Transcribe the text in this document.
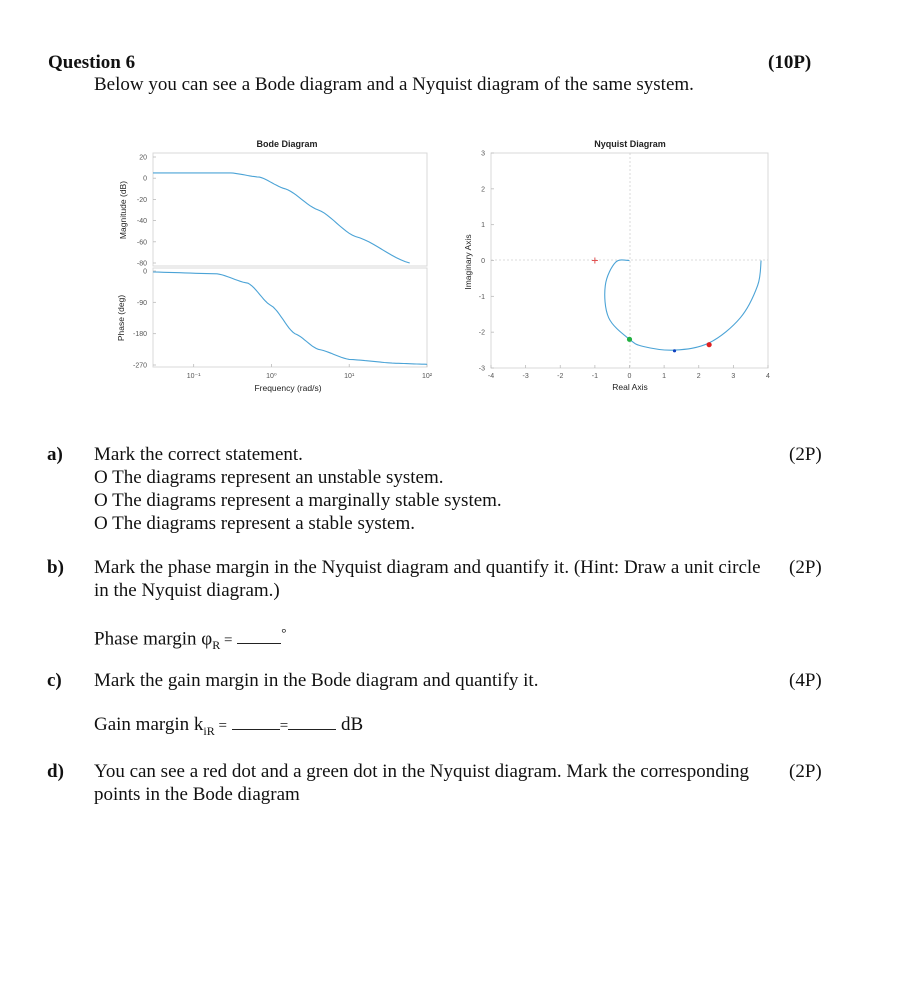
Question 6	(10P)
Below you can see a Bode diagram and a Nyquist diagram of the same system.
Bode Diagram
20
0
-20
-40
-60
-80
0
-90
-180
-270
10⁻¹	10⁰	10¹	10²
Magnitude (dB)
Phase (deg)
Frequency (rad/s)
Nyquist Diagram
-4	-3	-2	-1	0	1	2	3	4
3
2
1
0
-1
-2
-3
Imaginary Axis
Real Axis
a) Mark the correct statement.	(2P)
O The diagrams represent an unstable system.
O The diagrams represent a marginally stable system.
O The diagrams represent a stable system.
b) Mark the phase margin in the Nyquist diagram and quantify it. (Hint: Draw a unit circle (2P)
in the Nyquist diagram.)
Phase margin $\varphi_R$ =	°
c) Mark the gain margin in the Bode diagram and quantify it.	(4P)
Gain margin $k_{iR}$ =	=	dB
d) You can see a red dot and a green dot in the Nyquist diagram. Mark the corresponding (2P)
points in the Bode diagram
